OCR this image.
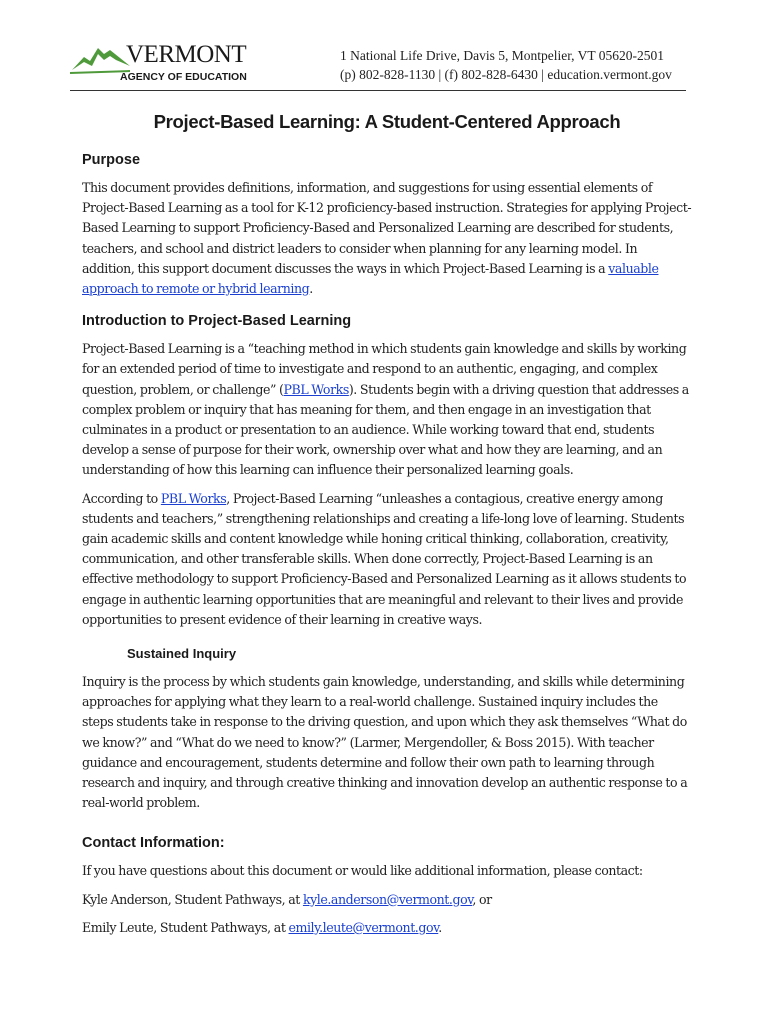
VERMONT
AGENCY OF EDUCATION
1 National Life Drive, Davis 5, Montpelier, VT 05620-2501
(p) 802-828-1130 | (f) 802-828-6430 | education.vermont.gov
Project-Based Learning: A Student-Centered Approach
Purpose

This document provides definitions, information, and suggestions for using essential elements of Project-Based Learning as a tool for K-12 proficiency-based instruction. Strategies for applying Project-Based Learning to support Proficiency-Based and Personalized Learning are described for students, teachers, and school and district leaders to consider when planning for any learning model. In addition, this support document discusses the ways in which Project-Based Learning is a valuable approach to remote or hybrid learning.

Introduction to Project-Based Learning

Project-Based Learning is a “teaching method in which students gain knowledge and skills by working for an extended period of time to investigate and respond to an authentic, engaging, and complex question, problem, or challenge” (PBL Works). Students begin with a driving question that addresses a complex problem or inquiry that has meaning for them, and then engage in an investigation that culminates in a product or presentation to an audience. While working toward that end, students develop a sense of purpose for their work, ownership over what and how they are learning, and an understanding of how this learning can influence their personalized learning goals.

According to PBL Works, Project-Based Learning “unleashes a contagious, creative energy among students and teachers,” strengthening relationships and creating a life-long love of learning. Students gain academic skills and content knowledge while honing critical thinking, collaboration, creativity, communication, and other transferable skills. When done correctly, Project-Based Learning is an effective methodology to support Proficiency-Based and Personalized Learning as it allows students to engage in authentic learning opportunities that are meaningful and relevant to their lives and provide opportunities to present evidence of their learning in creative ways.

Sustained Inquiry

Inquiry is the process by which students gain knowledge, understanding, and skills while determining approaches for applying what they learn to a real-world challenge. Sustained inquiry includes the steps students take in response to the driving question, and upon which they ask themselves “What do we know?” and “What do we need to know?” (Larmer, Mergendoller, & Boss 2015). With teacher guidance and encouragement, students determine and follow their own path to learning through research and inquiry, and through creative thinking and innovation develop an authentic response to a real-world problem.

Contact Information:

If you have questions about this document or would like additional information, please contact:

Kyle Anderson, Student Pathways, at kyle.anderson@vermont.gov, or

Emily Leute, Student Pathways, at emily.leute@vermont.gov.
